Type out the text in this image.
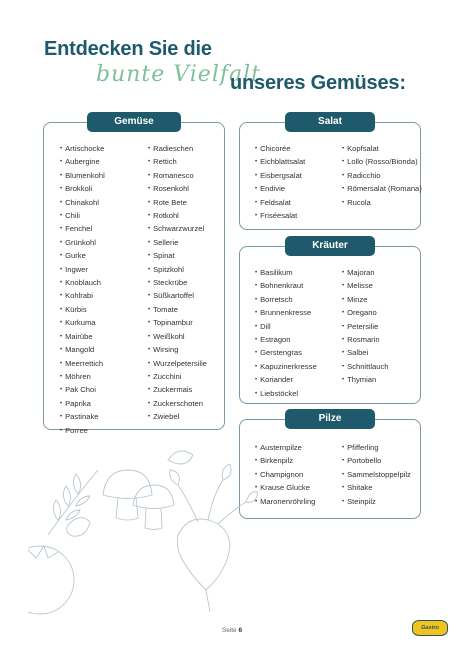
Entdecken Sie die
bunte Vielfalt
unseres Gemüses:
Gemüse
• Artischocke
• Aubergine
• Blumenkohl
• Brokkoli
• Chinakohl
• Chili
• Fenchel
• Grünkohl
• Gurke
• Ingwer
• Knoblauch
• Kohlrabi
• Kürbis
• Kurkuma
• Mairübe
• Mangold
• Meerrettich
• Möhren
• Pak Choi
• Paprika
• Pastinake
• Porree
• Radieschen
• Rettich
• Romanesco
• Rosenkohl
• Rote Bete
• Rotkohl
• Schwarzwurzel
• Sellerie
• Spinat
• Spitzkohl
• Steckrübe
• Süßkartoffel
• Tomate
• Topinambur
• Weißkohl
• Wirsing
• Wurzelpetersilie
• Zucchini
• Zuckermais
• Zuckerschoten
• Zwiebel
Salat
• Chicorée
• Eichblattsalat
• Eisbergsalat
• Endivie
• Feldsalat
• Friséesalat
• Kopfsalat
• Lollo (Rosso/Bionda)
• Radicchio
• Römersalat (Romana)
• Rucola
Kräuter
• Basilikum
• Bohnenkraut
• Borretsch
• Brunnenkresse
• Dill
• Estragon
• Gerstengras
• Kapuzinerkresse
• Koriander
• Liebstöckel
• Majoran
• Melisse
• Minze
• Oregano
• Petersilie
• Rosmarin
• Salbei
• Schnittlauch
• Thymian
Pilze
• Austernpilze
• Birkenpilz
• Champignon
• Krause Glucke
• Maronenröhrling
• Pfifferling
• Portobello
• Sammelstoppelpilz
• Shitake
• Steinpilz
Seite 6	Gastro
